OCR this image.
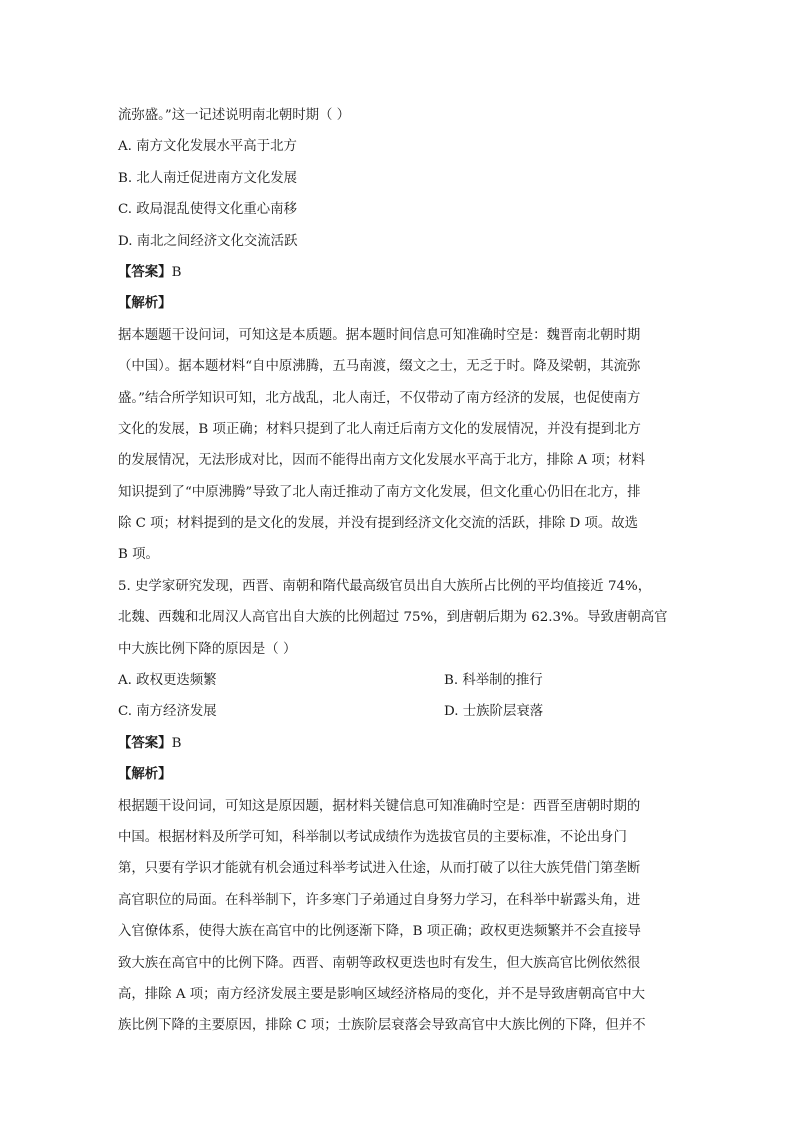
流弥盛。”这一记述说明南北朝时期（ ）
A. 南方文化发展水平高于北方
B. 北人南迁促进南方文化发展
C. 政局混乱使得文化重心南移
D. 南北之间经济文化交流活跃
【答案】B
【解析】
据本题题干设问词，可知这是本质题。据本题时间信息可知准确时空是：魏晋南北朝时期
（中国）。据本题材料“自中原沸腾，五马南渡，缀文之士，无乏于时。降及梁朝，其流弥
盛。”结合所学知识可知，北方战乱，北人南迁，不仅带动了南方经济的发展，也促使南方
文化的发展，B 项正确；材料只提到了北人南迁后南方文化的发展情况，并没有提到北方
的发展情况，无法形成对比，因而不能得出南方文化发展水平高于北方，排除 A 项；材料
知识提到了“中原沸腾”导致了北人南迁推动了南方文化发展，但文化重心仍旧在北方，排
除 C 项；材料提到的是文化的发展，并没有提到经济文化交流的活跃，排除 D 项。故选
B 项。
5. 史学家研究发现，西晋、南朝和隋代最高级官员出自大族所占比例的平均值接近 74%，
北魏、西魏和北周汉人高官出自大族的比例超过 75%，到唐朝后期为 62.3%。导致唐朝高官
中大族比例下降的原因是（ ）
A. 政权更迭频繁	B. 科举制的推行
C. 南方经济发展	D. 士族阶层衰落
【答案】B
【解析】
根据题干设问词，可知这是原因题，据材料关键信息可知准确时空是：西晋至唐朝时期的
中国。根据材料及所学可知，科举制以考试成绩作为选拔官员的主要标准，不论出身门
第，只要有学识才能就有机会通过科举考试进入仕途，从而打破了以往大族凭借门第垄断
高官职位的局面。在科举制下，许多寒门子弟通过自身努力学习，在科举中崭露头角，进
入官僚体系，使得大族在高官中的比例逐渐下降，B 项正确；政权更迭频繁并不会直接导
致大族在高官中的比例下降。西晋、南朝等政权更迭也时有发生，但大族高官比例依然很
高，排除 A 项；南方经济发展主要是影响区域经济格局的变化，并不是导致唐朝高官中大
族比例下降的主要原因，排除 C 项；士族阶层衰落会导致高官中大族比例的下降，但并不
